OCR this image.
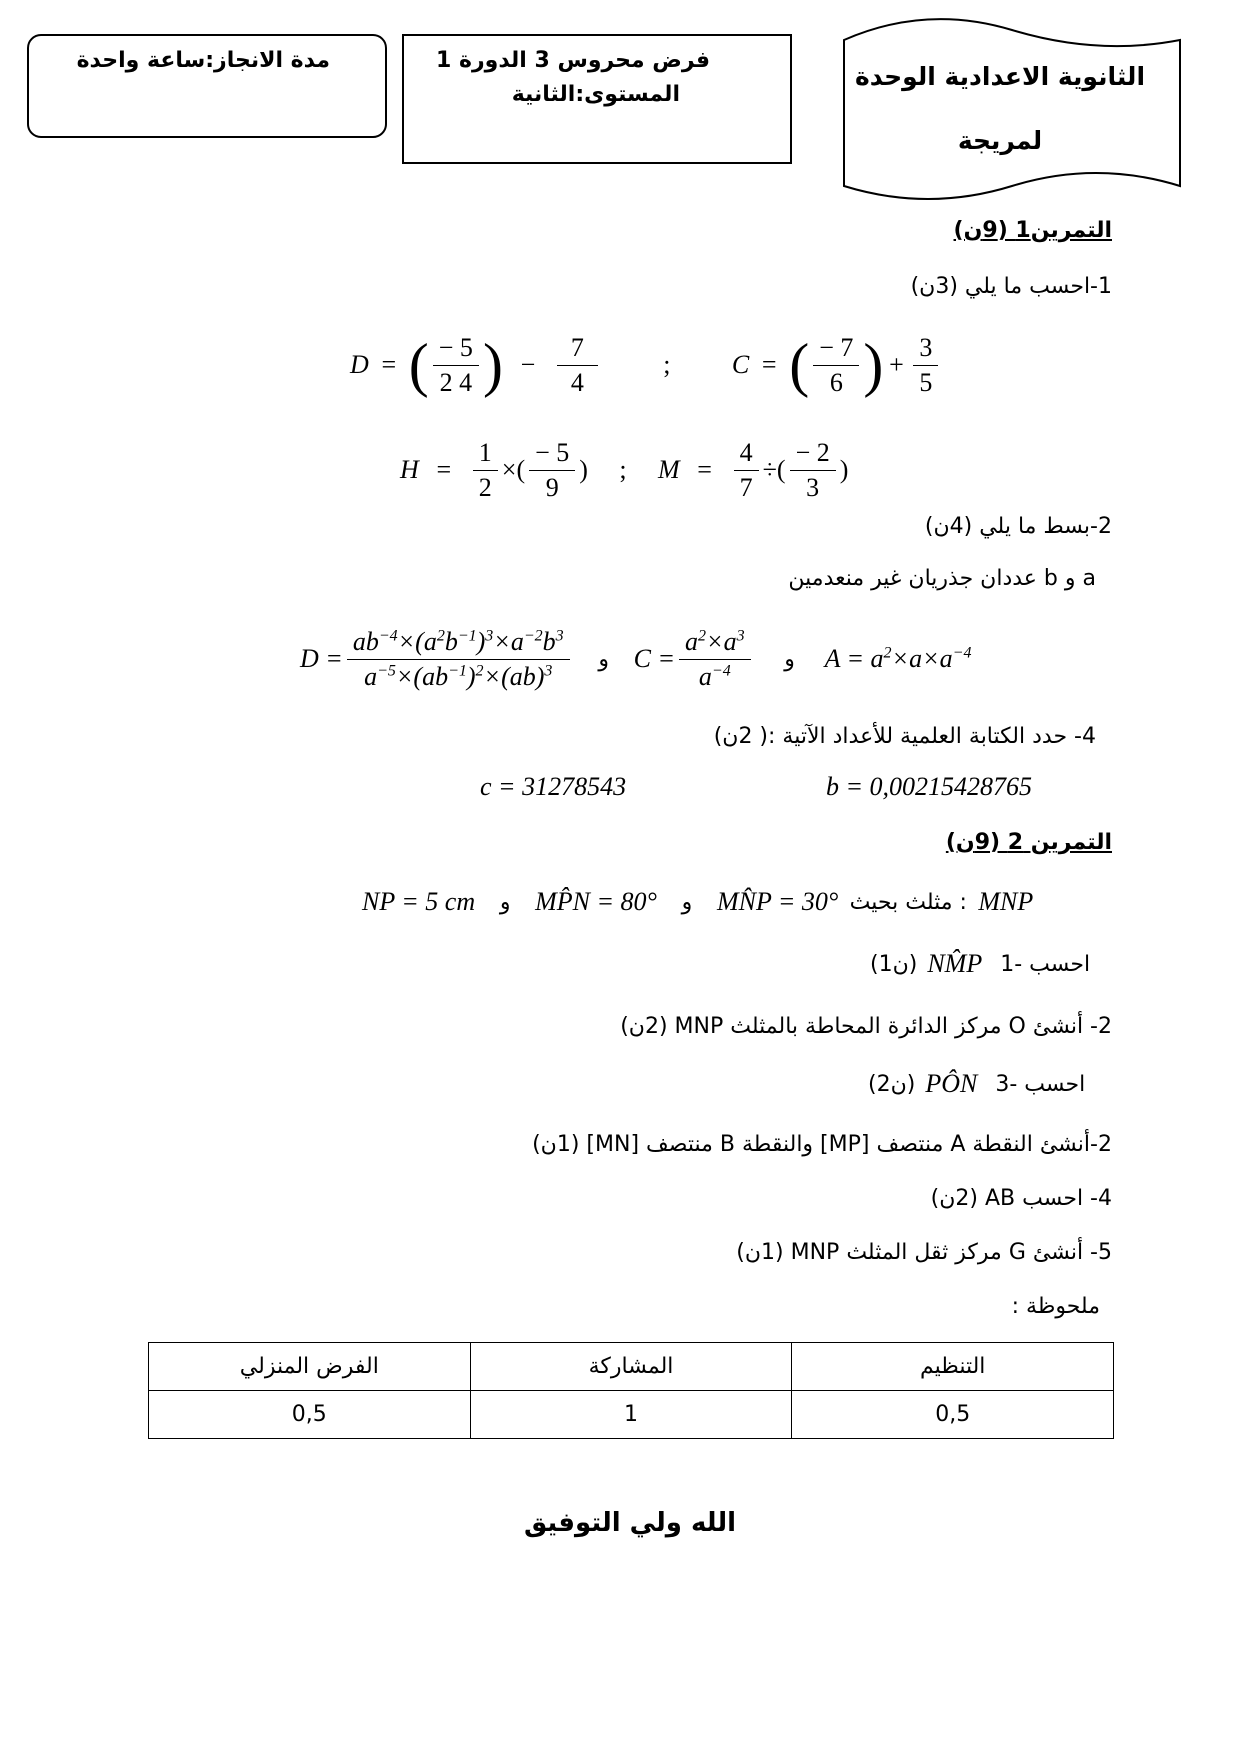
الثانوية الاعدادية الوحدة
لمريجة
فرض محروس 3 الدورة 1
المستوى:الثانية
مدة الانجاز:ساعة واحدة
التمرين1 (9ن)
1-احسب ما يلي (3ن)
D = ( $\frac{- 5}{2 4}$ ) − $\frac{7}{4}$	;	C = ( $\frac{- 7}{6}$ ) + $\frac{3}{5}$
$H = \frac{1}{2}$ × ( $\frac{- 5}{9}$ )	;	$M = \frac{4}{7}$ ÷ ( $\frac{- 2}{3}$ )
2-بسط ما يلي (4ن)
a و b عددان جذريان غير منعدمين
$D = \frac{ab^{-4}\times(a^2b^{-1})^3\times a^{-2}b^3}{a^{-5}\times(ab^{-1})^2\times(ab)^3}$	و $C = \frac{a^2\times a^3}{a^{-4}}$	و	$A = a^2\times a\times a^{-4}$
4- حدد الكتابة العلمية للأعداد الآتية :( 2ن)
c = 31278543	b = 0,00215428765
التمرين 2 (9ن)
NP = 5 cm	و MP̂N = 80°	و MN̂P = 30° مثلث بحيث : MNP
(1ن) NM̂P 1- احسب
2- أنشئ O مركز الدائرة المحاطة بالمثلث MNP (2ن)
(2ن) PÔN 3- احسب
2-أنشئ النقطة A منتصف [MP] والنقطة B منتصف [MN] (1ن)
4- احسب AB (2ن)
5- أنشئ G مركز ثقل المثلث MNP (1ن)
ملحوظة :
الفرض المنزلي	المشاركة	التنظيم
0,5	1	0,5
الله ولي التوفيق
